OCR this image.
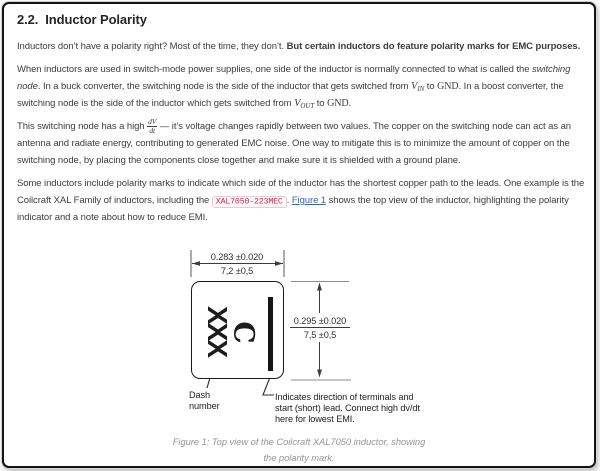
2.2. Inductor Polarity
Inductors don’t have a polarity right? Most of the time, they don’t. But certain inductors do feature polarity marks for EMC purposes.
When inductors are used in switch-mode power supplies, one side of the inductor is normally connected to what is called the switching
node. In a buck converter, the switching node is the side of the inductor that gets switched from VIN to GND. In a boost converter, the
switching node is the side of the inductor which gets switched from VOUT to GND.
This switching node has a high $\frac{dV}{dt}$ — it’s voltage changes rapidly between two values. The copper on the switching node can act as an
antenna and radiate energy, contributing to generated EMC noise. One way to mitigate this is to minimize the amount of copper on the
switching node, by placing the components close together and make sure it is shielded with a ground plane.
Some inductors include polarity marks to indicate which side of the inductor has the shortest copper path to the leads. One example is the
Coilcraft XAL Family of inductors, including the XAL7050-223MEC . Figure 1 shows the top view of the inductor, highlighting the polarity
indicator and a note about how to reduce EMI.
0.283 ±0.020
7,2 ±0,5
XXX
C	0.295 ±0.020
7,5 ±0,5
Dash
number
Indicates direction of terminals and
start (short) lead. Connect high dv/dt
here for lowest EMI.
Figure 1: Top view of the Coilcraft XAL7050 inductor, showing
the polarity mark.
